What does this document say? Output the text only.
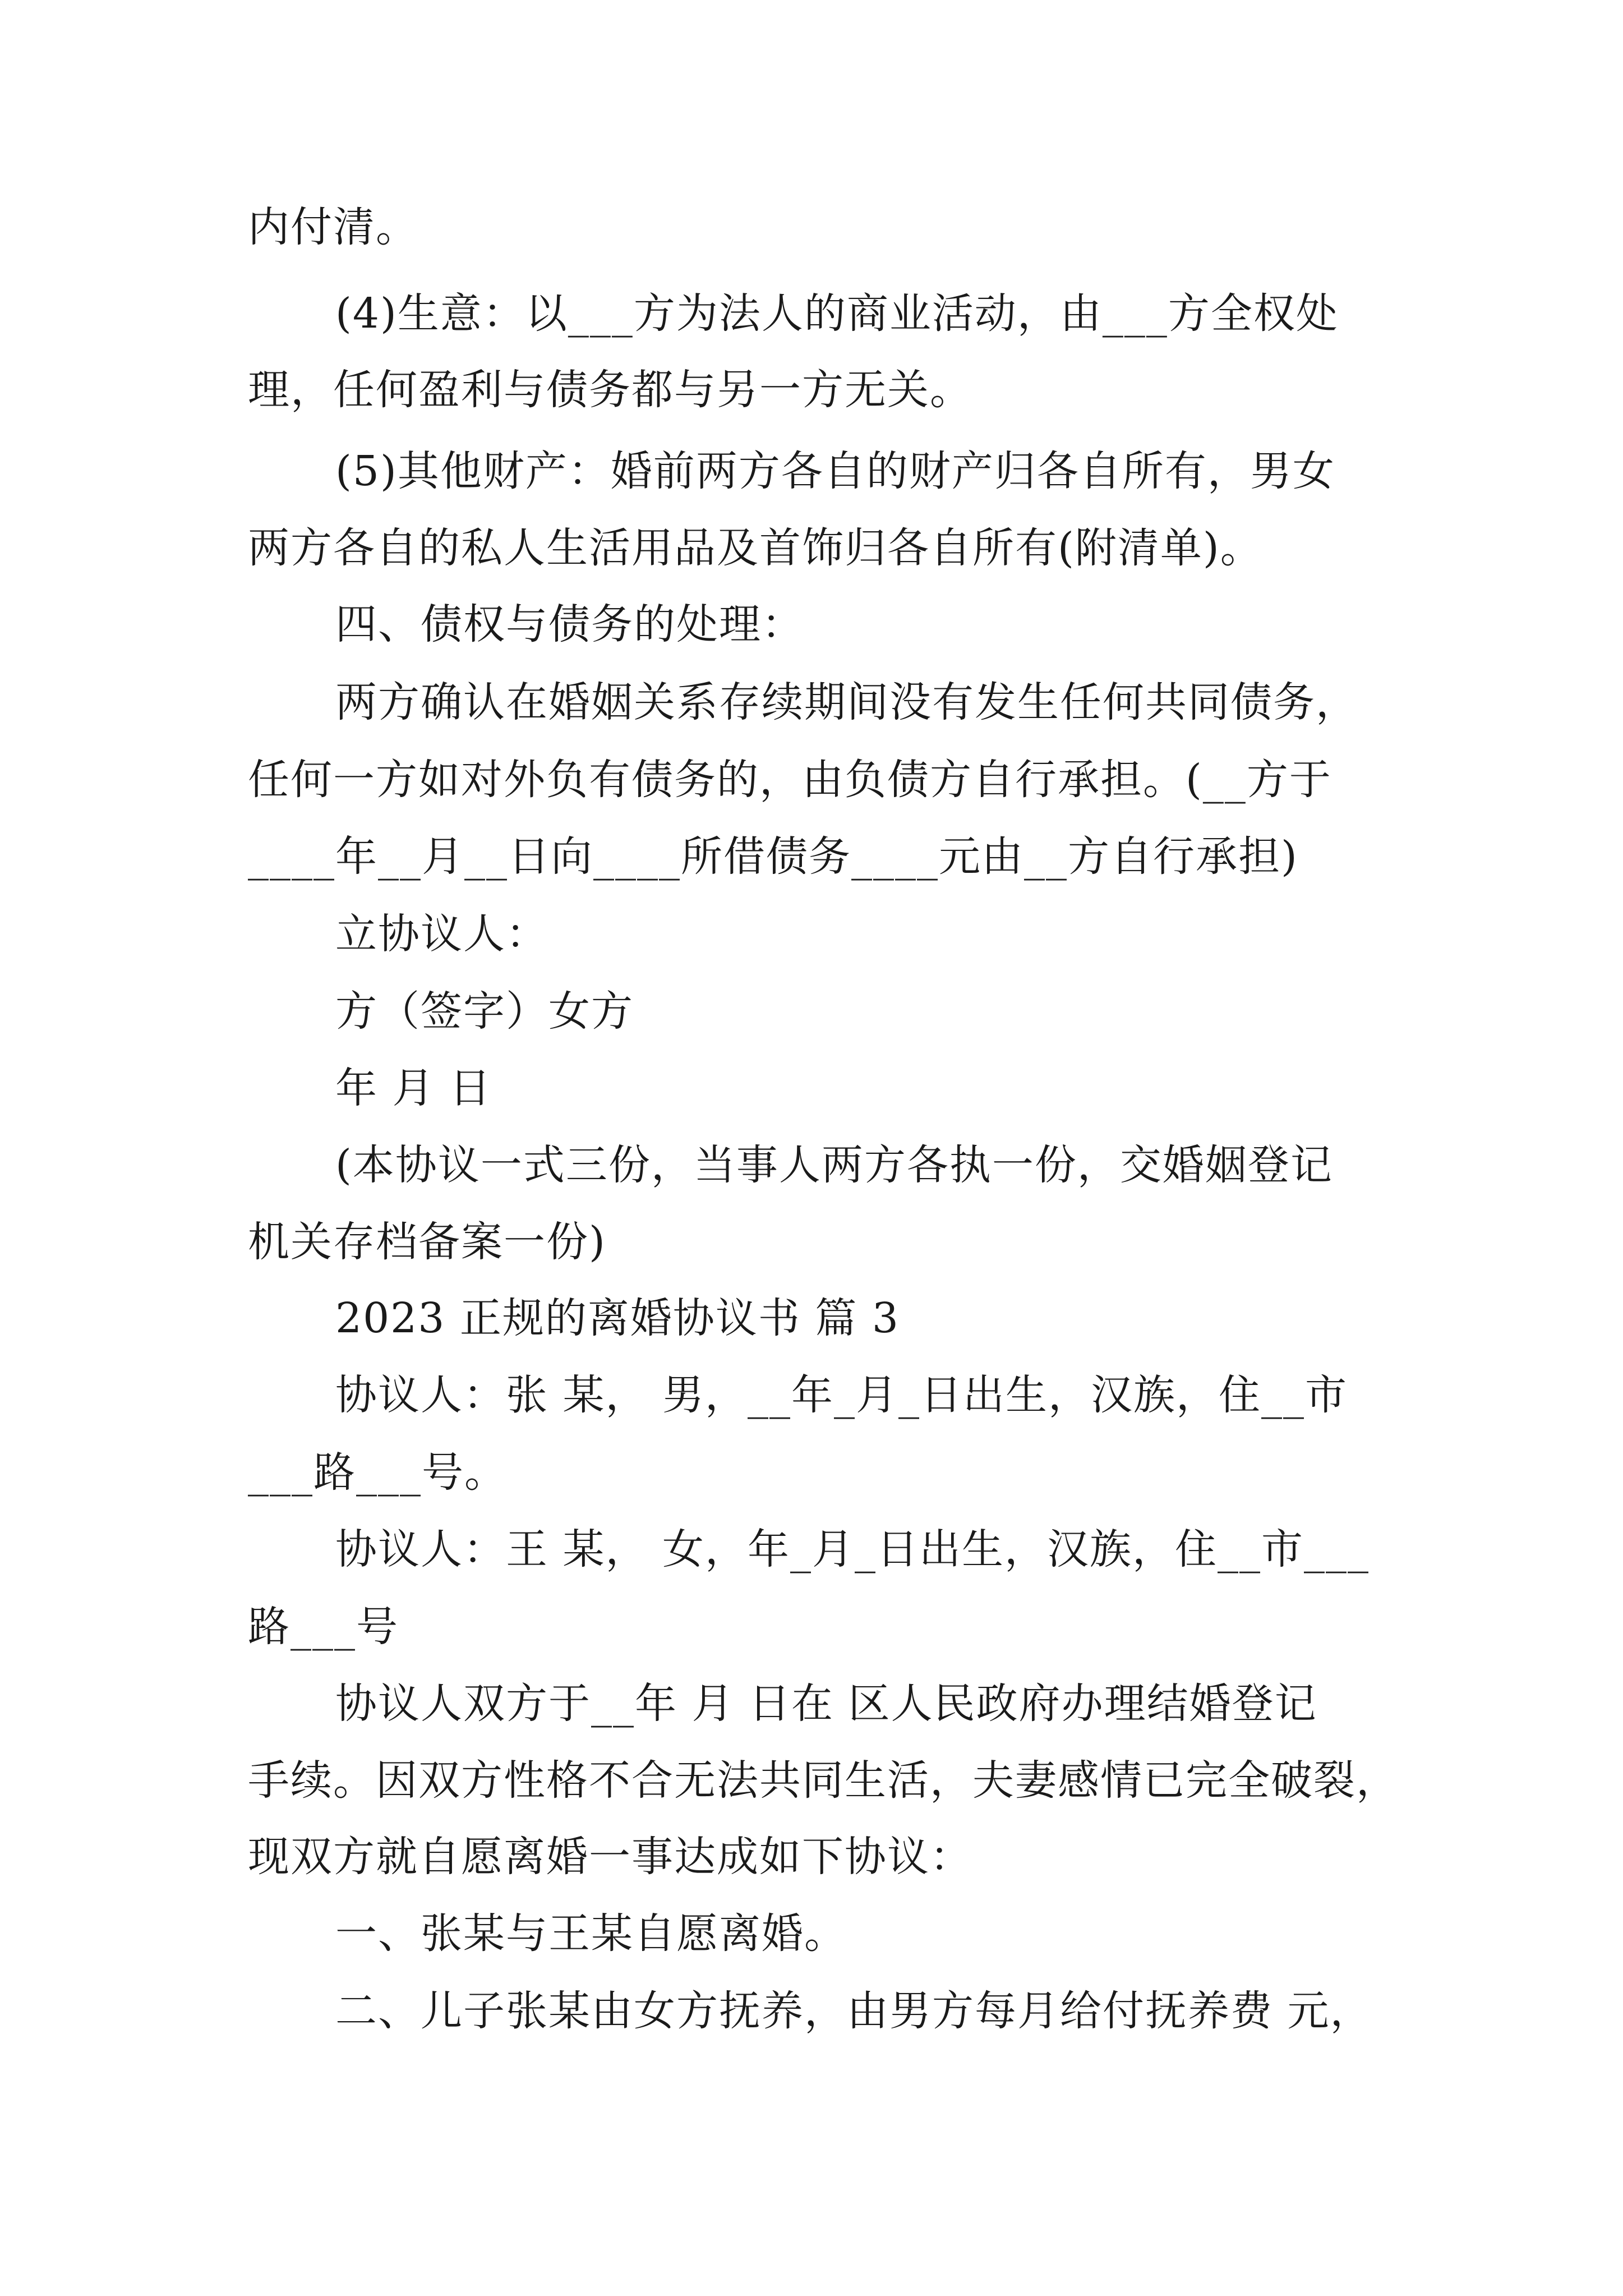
内付清。
(4)生意：以___方为法人的商业活动，由___方全权处
理，任何盈利与债务都与另一方无关。
(5)其他财产：婚前两方各自的财产归各自所有，男女
两方各自的私人生活用品及首饰归各自所有(附清单)。
四、债权与债务的处理：
两方确认在婚姻关系存续期间没有发生任何共同债务，
任何一方如对外负有债务的，由负债方自行承担。(__方于
____年__月__日向____所借债务____元由__方自行承担)
立协议人：
方（签字）女方
年 月 日
(本协议一式三份，当事人两方各执一份，交婚姻登记
机关存档备案一份)
2023 正规的离婚协议书 篇 3
协议人：张 某， 男，__年_月_日出生，汉族，住__市
___路___号。
协议人：王 某， 女，年_月_日出生，汉族，住__市___
路___号
协议人双方于__年 月 日在 区人民政府办理结婚登记
手续。因双方性格不合无法共同生活，夫妻感情已完全破裂，
现双方就自愿离婚一事达成如下协议：
一、张某与王某自愿离婚。
二、儿子张某由女方抚养，由男方每月给付抚养费 元，
